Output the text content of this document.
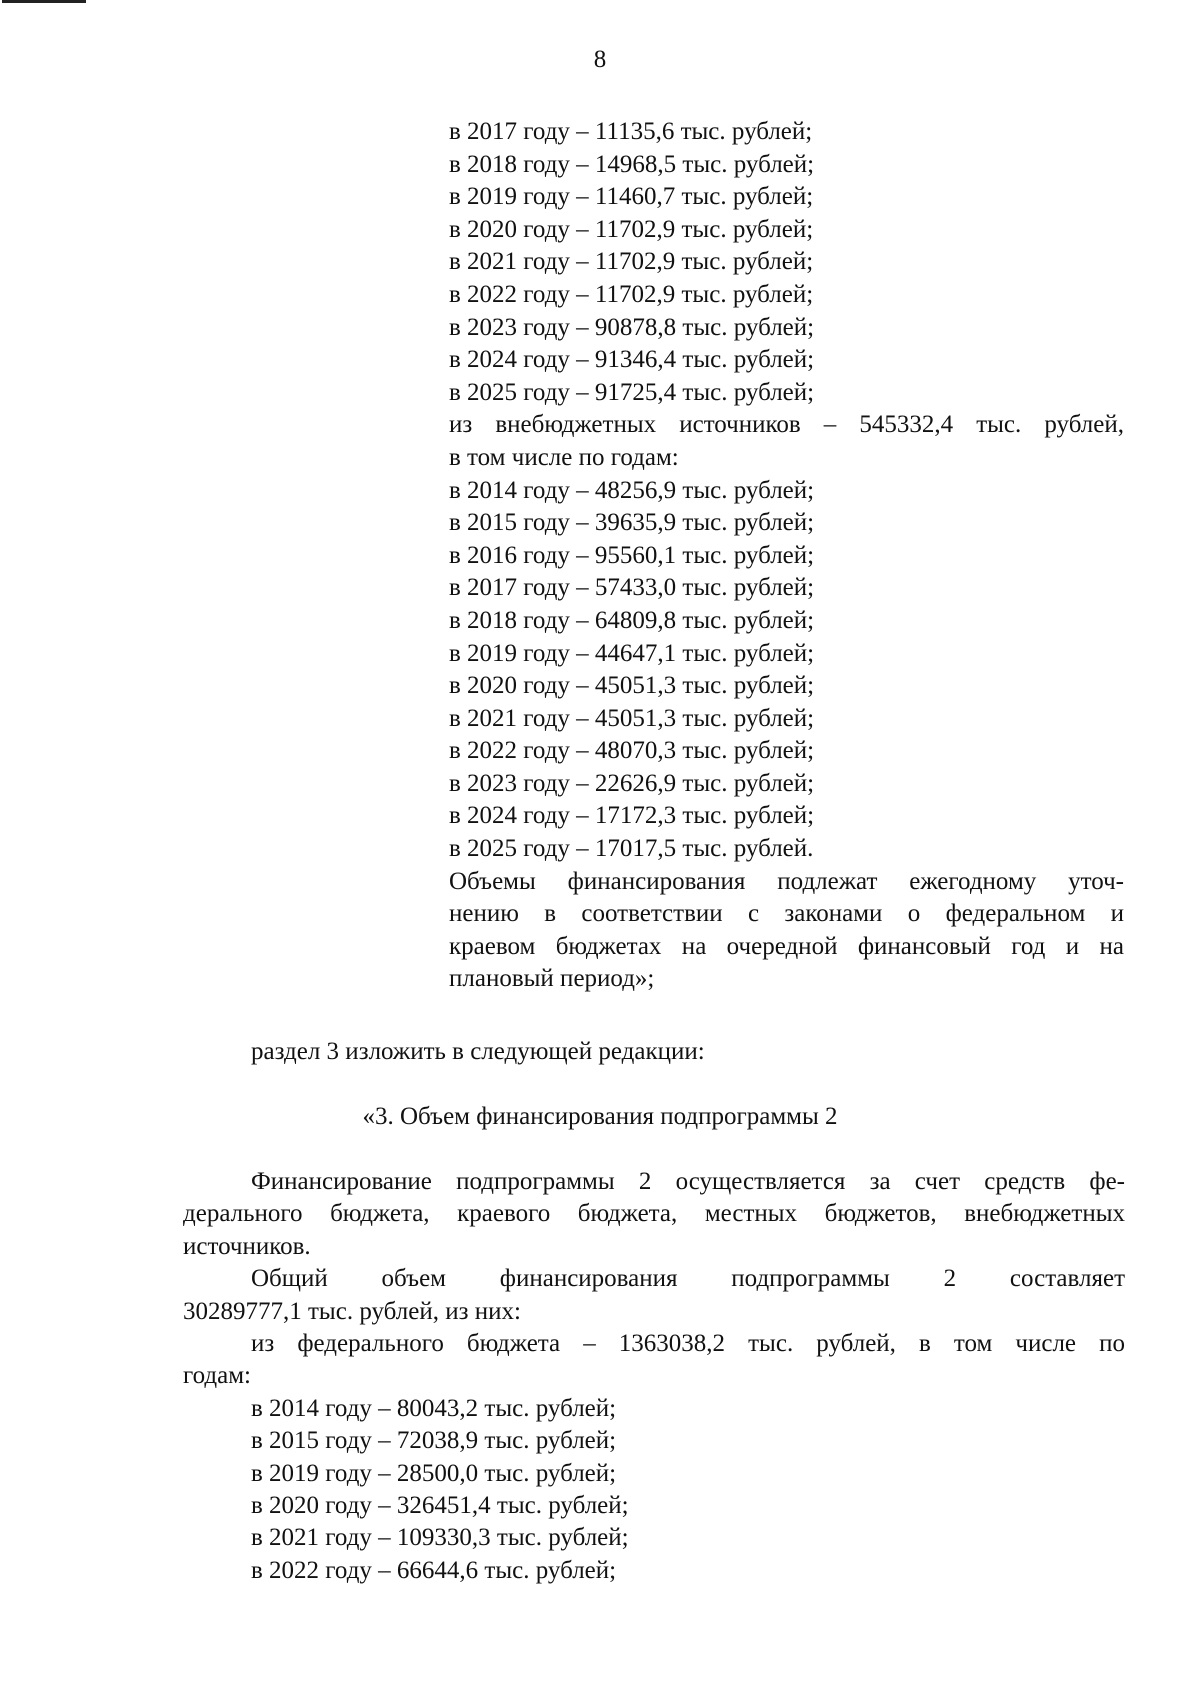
8
в 2017 году – 11135,6 тыс. рублей;
в 2018 году – 14968,5 тыс. рублей;
в 2019 году – 11460,7 тыс. рублей;
в 2020 году – 11702,9 тыс. рублей;
в 2021 году – 11702,9 тыс. рублей;
в 2022 году – 11702,9 тыс. рублей;
в 2023 году – 90878,8 тыс. рублей;
в 2024 году – 91346,4 тыс. рублей;
в 2025 году – 91725,4 тыс. рублей;
из внебюджетных источников – 545332,4 тыс. рублей,
в том числе по годам:
в 2014 году – 48256,9 тыс. рублей;
в 2015 году – 39635,9 тыс. рублей;
в 2016 году – 95560,1 тыс. рублей;
в 2017 году – 57433,0 тыс. рублей;
в 2018 году – 64809,8 тыс. рублей;
в 2019 году – 44647,1 тыс. рублей;
в 2020 году – 45051,3 тыс. рублей;
в 2021 году – 45051,3 тыс. рублей;
в 2022 году – 48070,3 тыс. рублей;
в 2023 году – 22626,9 тыс. рублей;
в 2024 году – 17172,3 тыс. рублей;
в 2025 году – 17017,5 тыс. рублей.
Объемы финансирования подлежат ежегодному уточ-
нению в соответствии с законами о федеральном и
краевом бюджетах на очередной финансовый год и на
плановый период»;
раздел 3 изложить в следующей редакции:
«3. Объем финансирования подпрограммы 2
Финансирование подпрограммы 2 осуществляется за счет средств фе-
дерального бюджета, краевого бюджета, местных бюджетов, внебюджетных
источников.
Общий объем финансирования подпрограммы 2 составляет
30289777,1 тыс. рублей, из них:
из федерального бюджета – 1363038,2 тыс. рублей, в том числе по
годам:
в 2014 году – 80043,2 тыс. рублей;
в 2015 году – 72038,9 тыс. рублей;
в 2019 году – 28500,0 тыс. рублей;
в 2020 году – 326451,4 тыс. рублей;
в 2021 году – 109330,3 тыс. рублей;
в 2022 году – 66644,6 тыс. рублей;
